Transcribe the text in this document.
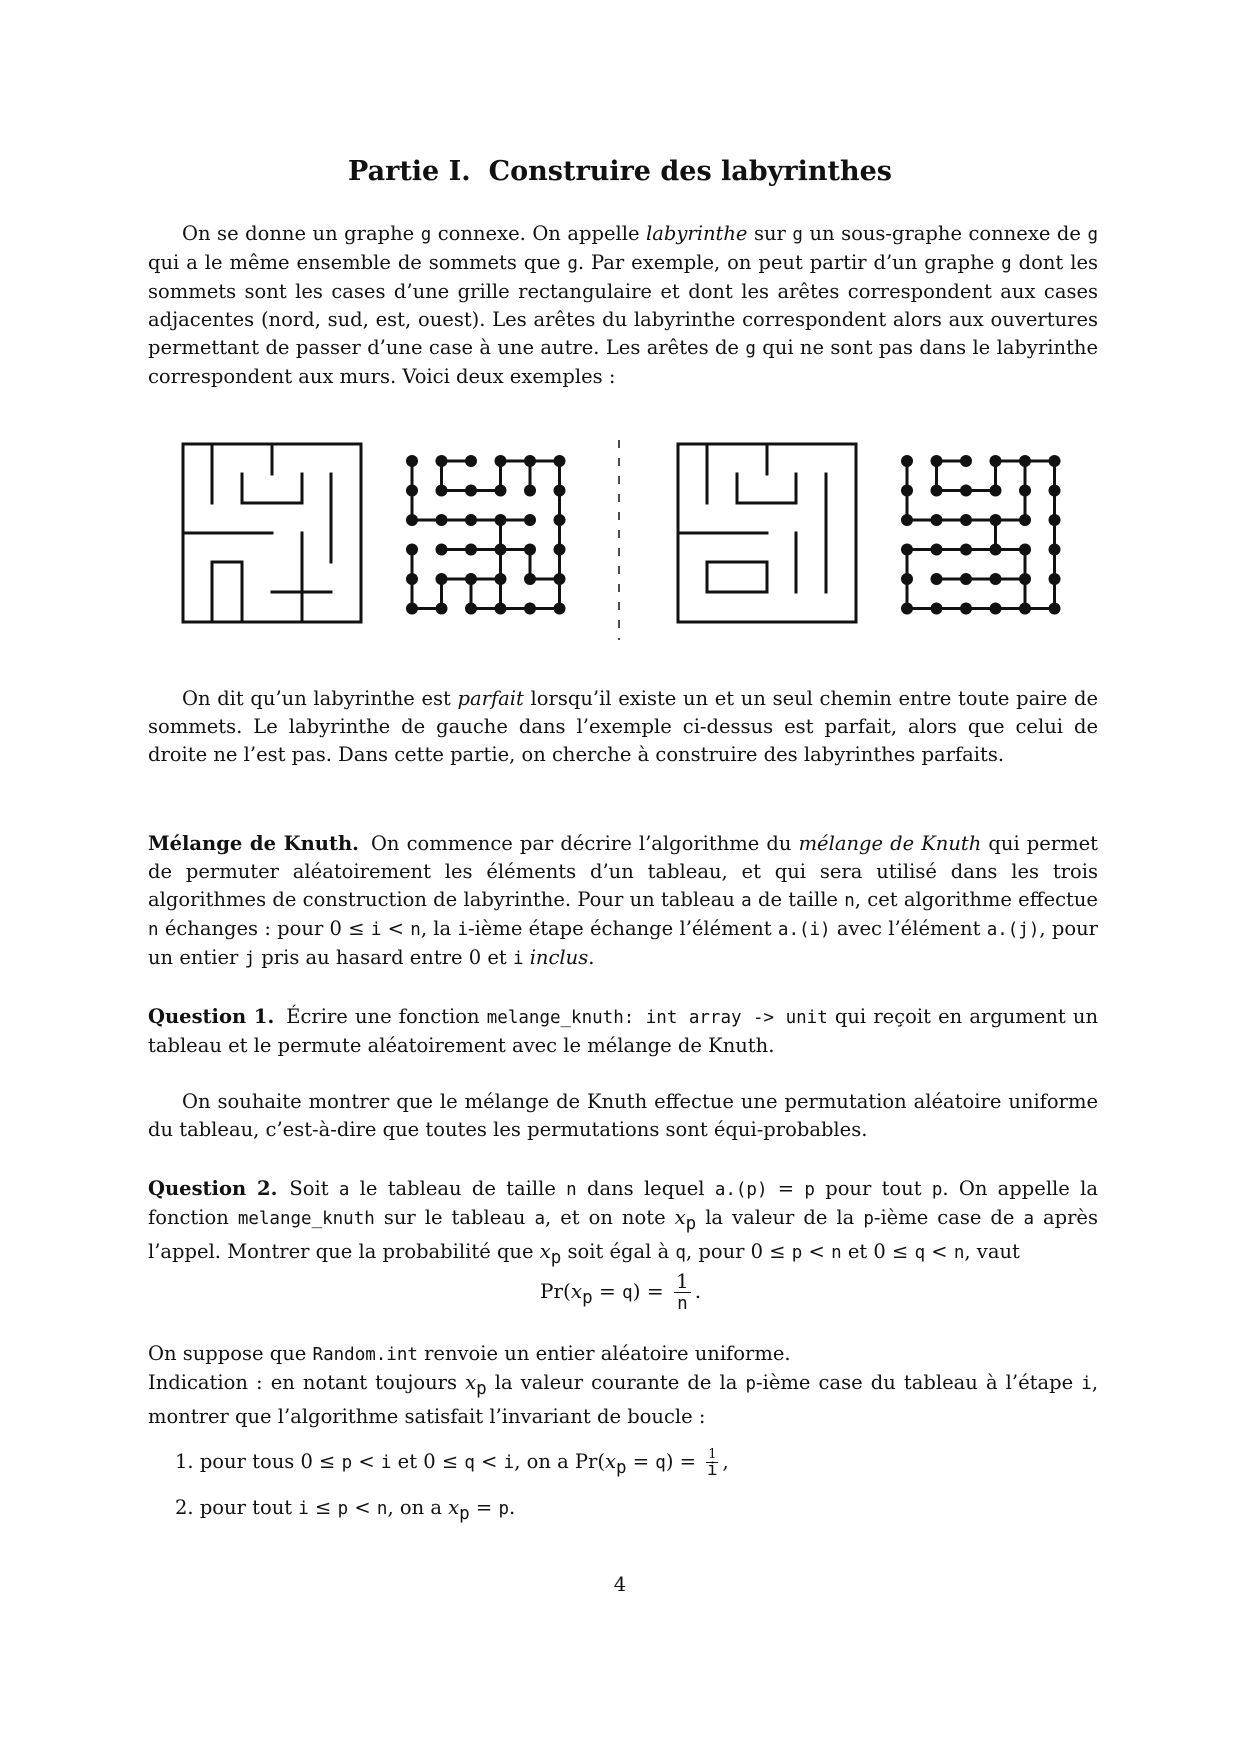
Partie I. Construire des labyrinthes
On se donne un graphe g connexe. On appelle labyrinthe sur g un sous-graphe connexe de g qui a le même ensemble de sommets que g. Par exemple, on peut partir d’un graphe g dont les sommets sont les cases d’une grille rectangulaire et dont les arêtes correspondent aux cases adjacentes (nord, sud, est, ouest). Les arêtes du labyrinthe correspondent alors aux ouvertures permettant de passer d’une case à une autre. Les arêtes de g qui ne sont pas dans le labyrinthe correspondent aux murs. Voici deux exemples :
On dit qu’un labyrinthe est parfait lorsqu’il existe un et un seul chemin entre toute paire de sommets. Le labyrinthe de gauche dans l’exemple ci-dessus est parfait, alors que celui de droite ne l’est pas. Dans cette partie, on cherche à construire des labyrinthes parfaits.
Mélange de Knuth. On commence par décrire l’algorithme du mélange de Knuth qui permet de permuter aléatoirement les éléments d’un tableau, et qui sera utilisé dans les trois algorithmes de construction de labyrinthe. Pour un tableau a de taille n, cet algorithme effectue n échanges : pour 0 ≤ i < n, la i-ième étape échange l’élément a.(i) avec l’élément a.(j), pour un entier j pris au hasard entre 0 et i inclus.
Question 1. Écrire une fonction melange_knuth: int array -> unit qui reçoit en argument un tableau et le permute aléatoirement avec le mélange de Knuth.
On souhaite montrer que le mélange de Knuth effectue une permutation aléatoire uniforme du tableau, c’est-à-dire que toutes les permutations sont équi-probables.
Question 2. Soit a le tableau de taille n dans lequel a.(p) = p pour tout p. On appelle la fonction melange_knuth sur le tableau a, et on note $x_p$ la valeur de la p-ième case de a après l’appel. Montrer que la probabilité que $x_p$ soit égal à q, pour 0 ≤ p < n et 0 ≤ q < n, vaut
$Pr(x_p = q) = \frac{1}{n}$ .
On suppose que Random.int renvoie un entier aléatoire uniforme.
Indication : en notant toujours $x_p$ la valeur courante de la p-ième case du tableau à l’étape i, montrer que l’algorithme satisfait l’invariant de boucle :
1. pour tous 0 ≤ p < i et 0 ≤ q < i, on a $Pr(x_p = q) = \frac{1}{i}$ ,
2. pour tout i ≤ p < n, on a $x_p = p$.
4
